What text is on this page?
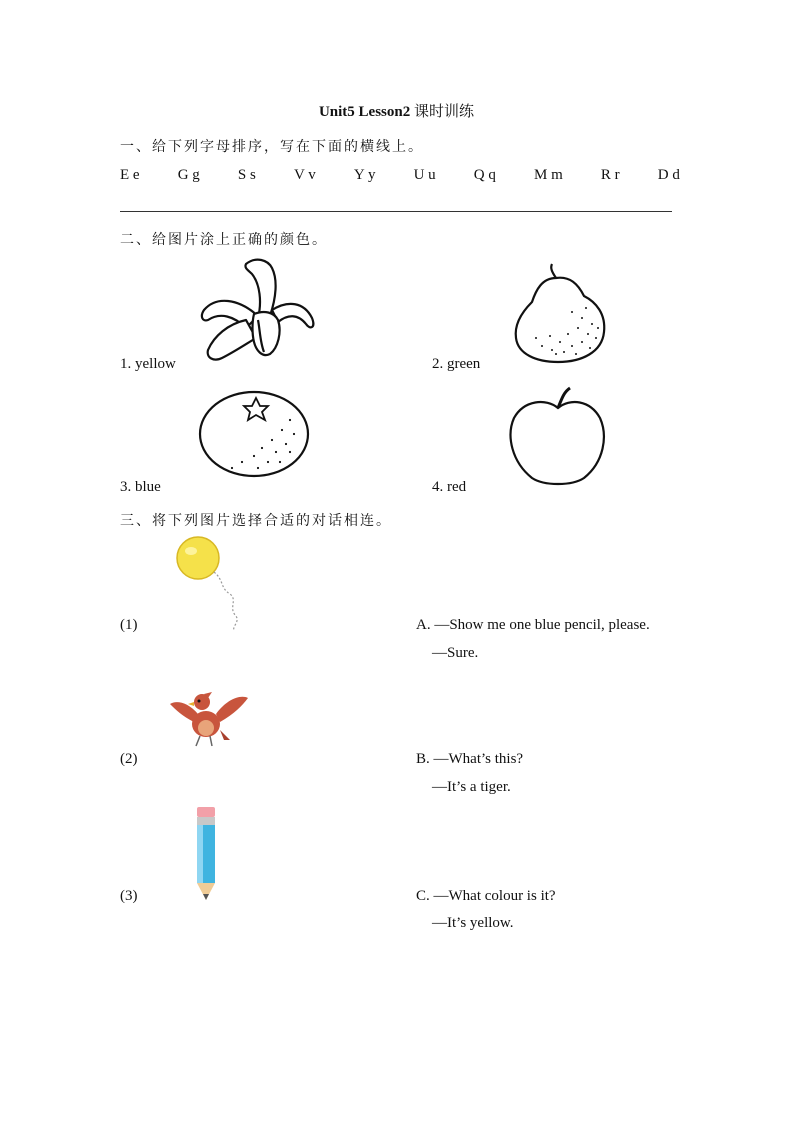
Unit5 Lesson2 课时训练
一、给下列字母排序，写在下面的横线上。
E e	G g	S s	V v	Y y	U u	Q q	M m	R r	D d
二、给图片涂上正确的颜色。
1. yellow	2. green
3. blue	4. red
三、将下列图片选择合适的对话相连。
(1)
(2)
(3)
A. —Show me one blue pencil, please.
—Sure.
B. —What’s this?
—It’s a tiger.
C. —What colour is it?
—It’s yellow.
